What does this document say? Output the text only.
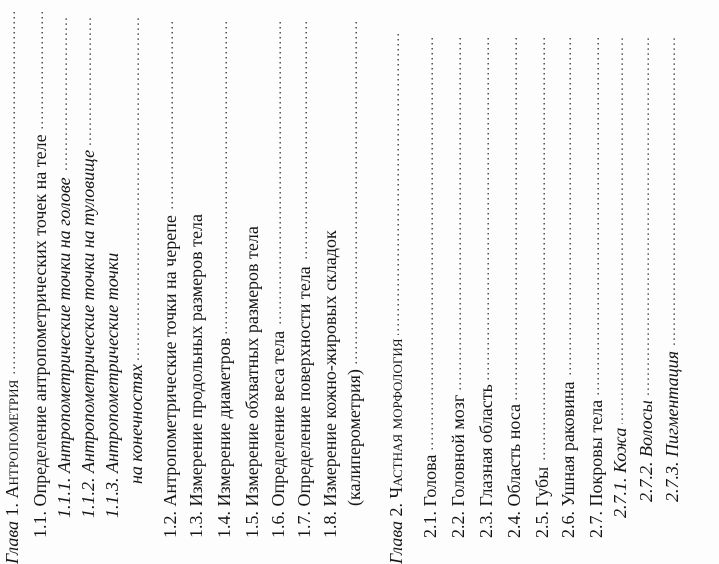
Глава 1. Антропометрия . . . 1.1. Определение антропометрических точек на теле . . . 1.1.1. Антропометрические точки на голове . . . 1.1.2. Антропометрические точки на туловище . . . 1.1.3. Антропометрические точки на конечностях . . . 1.2. Антропометрические точки на черепе . . . 1.3. Измерение продольных размеров тела 1.4. Измерение диаметров . . . 1.5. Измерение обхватных размеров тела 1.6. Определение веса тела . . . 1.7. Определение поверхности тела . . . 1.8. Измерение кожно-жировых складок (калиперометрия)
. . .
Глава 2. Частная морфология . . . 2.1. Голова . . . 2.2. Головной мозг . . . 2.3. Глазная область . . . 2.4. Область носа . . . 2.5. Губы . . . 2.6. Ушная раковина . . . 2.7. Покровы тела . . . 2.7.1. Кожа . . . 2.7.2. Волосы . . . 2.7.3. Пигментация
. . .
